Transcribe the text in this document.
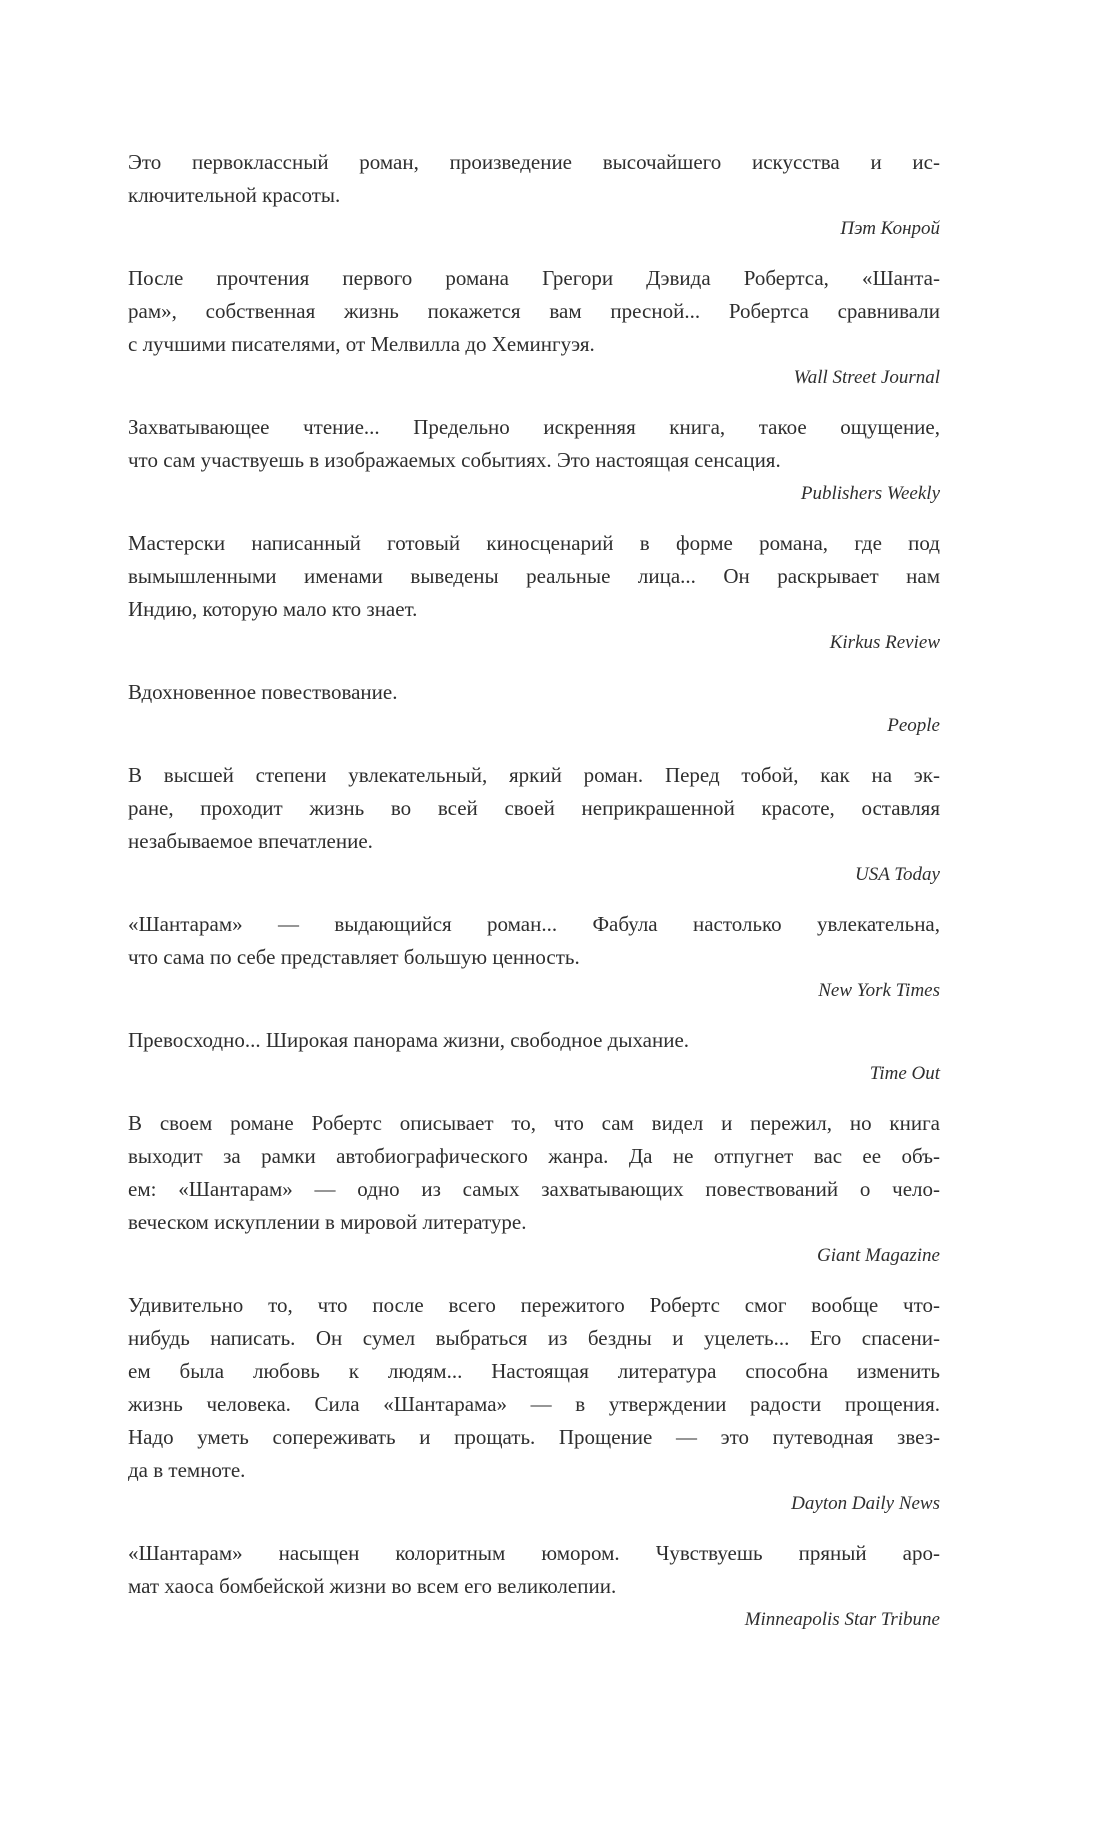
Это первоклассный роман, произведение высочайшего искусства и ис-
ключительной красоты.
Пэт Конрой
После прочтения первого романа Грегори Дэвида Робертса, «Шанта-
рам», собственная жизнь покажется вам пресной... Робертса сравнивали
с лучшими писателями, от Мелвилла до Хемингуэя.
Wall Street Journal
Захватывающее чтение... Предельно искренняя книга, такое ощущение,
что сам участвуешь в изображаемых событиях. Это настоящая сенсация.
Publishers Weekly
Мастерски написанный готовый киносценарий в форме романа, где под
вымышленными именами выведены реальные лица... Он раскрывает нам
Индию, которую мало кто знает.
Kirkus Review
Вдохновенное повествование.
People
В высшей степени увлекательный, яркий роман. Перед тобой, как на эк-
ране, проходит жизнь во всей своей неприкрашенной красоте, оставляя
незабываемое впечатление.
USA Today
«Шантарам» — выдающийся роман... Фабула настолько увлекательна,
что сама по себе представляет большую ценность.
New York Times
Превосходно... Широкая панорама жизни, свободное дыхание.
Time Out
В своем романе Робертс описывает то, что сам видел и пережил, но книга
выходит за рамки автобиографического жанра. Да не отпугнет вас ее объ-
ем: «Шантарам» — одно из самых захватывающих повествований о чело-
веческом искуплении в мировой литературе.
Giant Magazine
Удивительно то, что после всего пережитого Робертс смог вообще что-
нибудь написать. Он сумел выбраться из бездны и уцелеть... Его спасени-
ем была любовь к людям... Настоящая литература способна изменить
жизнь человека. Сила «Шантарама» — в утверждении радости прощения.
Надо уметь сопереживать и прощать. Прощение — это путеводная звез-
да в темноте.
Dayton Daily News
«Шантарам» насыщен колоритным юмором. Чувствуешь пряный аро-
мат хаоса бомбейской жизни во всем его великолепии.
Minneapolis Star Tribune
